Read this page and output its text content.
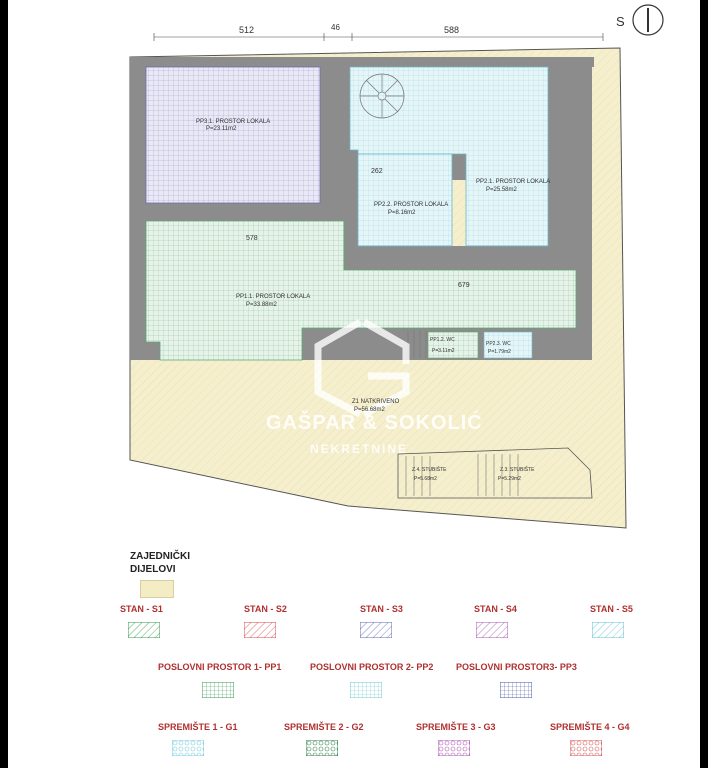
512	46	588
S
PP3.1. PROSTOR LOKALA
P=23.11m2
PP2.1. PROSTOR LOKALA
P=25.58m2
PP2.2. PROSTOR LOKALA
P=8.16m2
PP1.1. PROSTOR LOKALA
P=33.88m2
PP1.2. WC
P=3.11m2
PP2.3. WC
P=1.79m2
Z1 NATKRIVENO
P=56.68m2
Z.4. STUBIŠTE
P=5.68m2
Z.3. STUBIŠTE
P=5.29m2
262
578
679
GAŠPAR & SOKOLIĆ
NEKRETNINE
ZAJEDNIČKI
DIJELOVI
STAN - S1	STAN - S2	STAN - S3	STAN - S4	STAN - S5
POSLOVNI PROSTOR 1- PP1	POSLOVNI PROSTOR 2- PP2	POSLOVNI PROSTOR3- PP3
SPREMIŠTE 1 - G1	SPREMIŠTE 2 - G2	SPREMIŠTE 3 - G3	SPREMIŠTE 4 - G4
